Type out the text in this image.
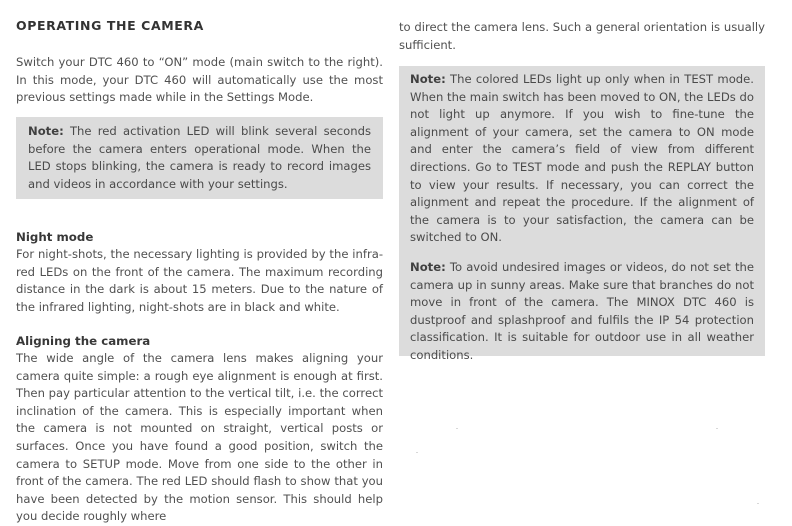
OPERATING THE CAMERA

Switch your DTC 460 to “ON” mode (main switch to the right). In this mode, your DTC 460 will automatically use the most previous settings made while in the Settings Mode.

Note: The red activation LED will blink several seconds before the camera enters operational mode. When the LED stops blinking, the camera is ready to record images and videos in accordance with your settings.

Night mode

For night-shots, the necessary lighting is provided by the infrared LEDs on the front of the camera. The maximum recording distance in the dark is about 15 meters. Due to the nature of the infrared lighting, night-shots are in black and white.

Aligning the camera

The wide angle of the camera lens makes aligning your camera quite simple: a rough eye alignment is enough at first. Then pay particular attention to the vertical tilt, i.e. the correct inclination of the camera. This is especially important when the camera is not mounted on straight, vertical posts or surfaces. Once you have found a good position, switch the camera to SETUP mode. Move from one side to the other in front of the camera. The red LED should flash to show that you have been detected by the motion sensor. This should help you decide roughly where

to direct the camera lens. Such a general orientation is usually sufficient.

Note: The colored LEDs light up only when in TEST mode. When the main switch has been moved to ON, the LEDs do not light up anymore. If you wish to fine-tune the alignment of your camera, set the camera to ON mode and enter the camera’s field of view from different directions. Go to TEST mode and push the REPLAY button to view your results. If necessary, you can correct the alignment and repeat the procedure. If the alignment of the camera is to your satisfaction, the camera can be switched to ON.

Note: To avoid undesired images or videos, do not set the camera up in sunny areas. Make sure that branches do not move in front of the camera. The MINOX DTC 460 is dustproof and splashproof and fulfils the IP 54 protection classification. It is suitable for outdoor use in all weather conditions.
